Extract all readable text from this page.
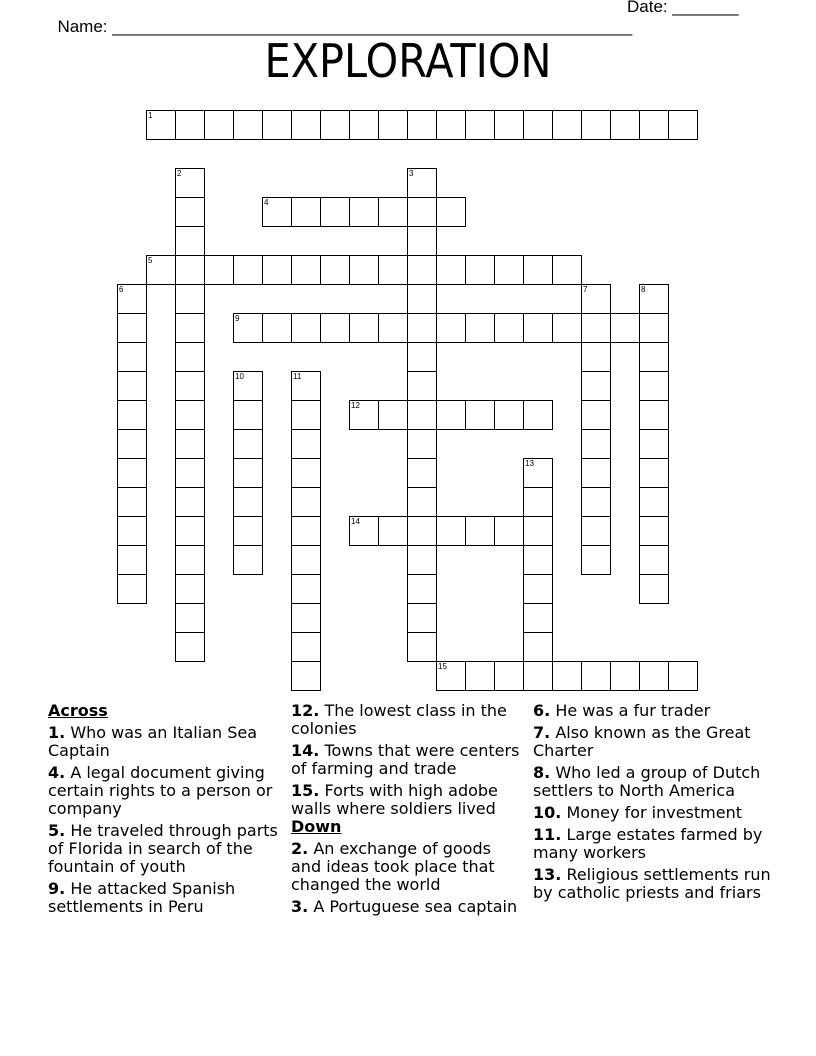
Name: _______________________________________________________

Date: _______

EXPLORATION
1
2	3
4
5
6	7	8
9
10	11
12
13
14
15
Across
1. Who was an Italian Sea Captain
4. A legal document giving certain rights to a person or company
5. He traveled through parts of Florida in search of the fountain of youth
9. He attacked Spanish settlements in Peru
12. The lowest class in the colonies
14. Towns that were centers of farming and trade
15. Forts with high adobe walls where soldiers lived
Down
2. An exchange of goods and ideas took place that changed the world
3. A Portuguese sea captain
6. He was a fur trader
7. Also known as the Great Charter
8. Who led a group of Dutch settlers to North America
10. Money for investment
11. Large estates farmed by many workers
13. Religious settlements run by catholic priests and friars
